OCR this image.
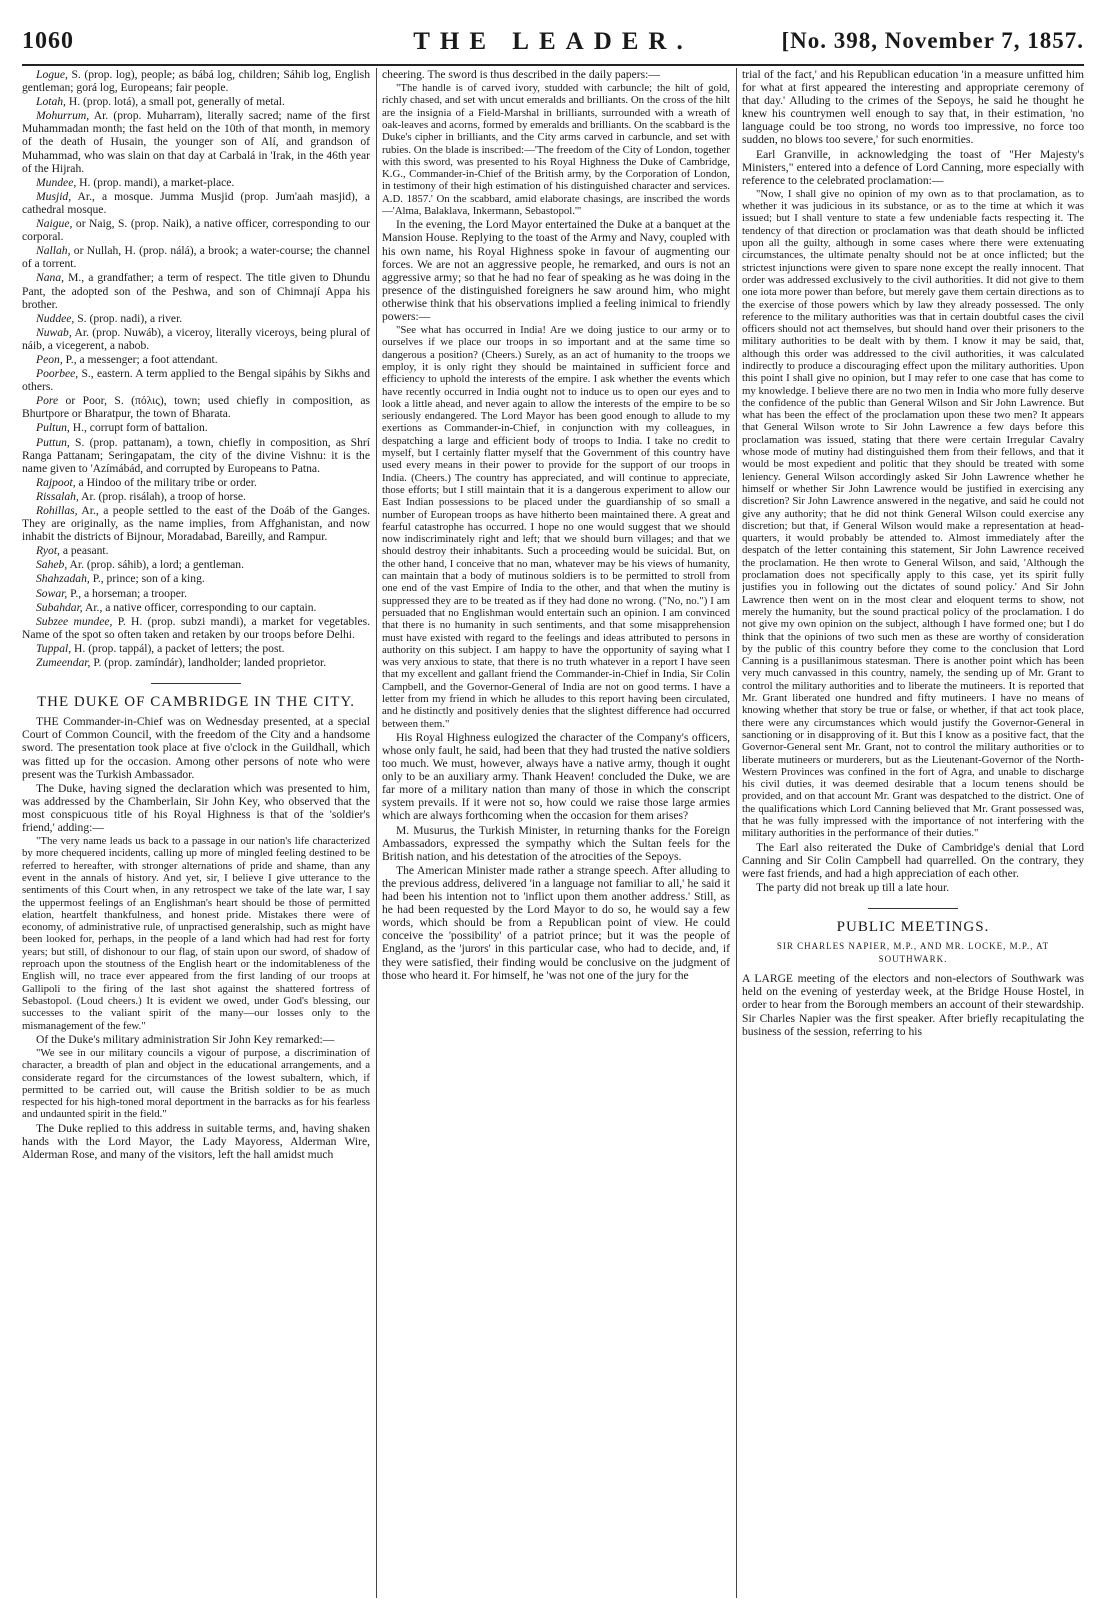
1060	THE LEADER.	[No. 398, November 7, 1857.

Logue, S. (prop. log), people; as bábá log, children; Sáhib log, English gentleman; gorá log, Europeans; fair people.

Lotah, H. (prop. lotá), a small pot, generally of metal.

Mohurrum, Ar. (prop. Muharram), literally sacred; name of the first Muhammadan month; the fast held on the 10th of that month, in memory of the death of Husain, the younger son of Alí, and grandson of Muhammad, who was slain on that day at Carbalá in 'Irak, in the 46th year of the Hijrah.

Mundee, H. (prop. mandi), a market-place.

Musjid, Ar., a mosque. Jumma Musjid (prop. Jum'aah masjid), a cathedral mosque.

Naigue, or Naig, S. (prop. Naik), a native officer, corresponding to our corporal.

Nallah, or Nullah, H. (prop. nálá), a brook; a water-course; the channel of a torrent.

Nana, M., a grandfather; a term of respect. The title given to Dhundu Pant, the adopted son of the Peshwa, and son of Chimnají Appa his brother.

Nuddee, S. (prop. nadi), a river.

Nuwab, Ar. (prop. Nuwáb), a viceroy, literally viceroys, being plural of náib, a vicegerent, a nabob.

Peon, P., a messenger; a foot attendant.

Poorbee, S., eastern. A term applied to the Bengal sipáhis by Sikhs and others.

Pore or Poor, S. (πόλις), town; used chiefly in composition, as Bhurtpore or Bharatpur, the town of Bharata.

Pultun, H., corrupt form of battalion.

Puttun, S. (prop. pattanam), a town, chiefly in composition, as Shrí Ranga Pattanam; Seringapatam, the city of the divine Vishnu: it is the name given to 'Azímábád, and corrupted by Europeans to Patna.

Rajpoot, a Hindoo of the military tribe or order.

Rissalah, Ar. (prop. risálah), a troop of horse.

Rohillas, Ar., a people settled to the east of the Doáb of the Ganges. They are originally, as the name implies, from Affghanistan, and now inhabit the districts of Bijnour, Moradabad, Bareilly, and Rampur.

Ryot, a peasant.

Saheb, Ar. (prop. sáhib), a lord; a gentleman.

Shahzadah, P., prince; son of a king.

Sowar, P., a horseman; a trooper.

Subahdar, Ar., a native officer, corresponding to our captain.

Subzee mundee, P. H. (prop. subzi mandi), a market for vegetables. Name of the spot so often taken and retaken by our troops before Delhi.

Tuppal, H. (prop. tappál), a packet of letters; the post.

Zumeendar, P. (prop. zamíndár), landholder; landed proprietor.

THE DUKE OF CAMBRIDGE IN THE CITY.

THE Commander-in-Chief was on Wednesday presented, at a special Court of Common Council, with the freedom of the City and a handsome sword. The presentation took place at five o'clock in the Guildhall, which was fitted up for the occasion. Among other persons of note who were present was the Turkish Ambassador.

The Duke, having signed the declaration which was presented to him, was addressed by the Chamberlain, Sir John Key, who observed that the most conspicuous title of his Royal Highness is that of the 'soldier's friend,' adding:—

"The very name leads us back to a passage in our nation's life characterized by more chequered incidents, calling up more of mingled feeling destined to be referred to hereafter, with stronger alternations of pride and shame, than any event in the annals of history. And yet, sir, I believe I give utterance to the sentiments of this Court when, in any retrospect we take of the late war, I say the uppermost feelings of an Englishman's heart should be those of permitted elation, heartfelt thankfulness, and honest pride. Mistakes there were of economy, of administrative rule, of unpractised generalship, such as might have been looked for, perhaps, in the people of a land which had had rest for forty years; but still, of dishonour to our flag, of stain upon our sword, of shadow of reproach upon the stoutness of the English heart or the indomitableness of the English will, no trace ever appeared from the first landing of our troops at Gallipoli to the firing of the last shot against the shattered fortress of Sebastopol. (Loud cheers.) It is evident we owed, under God's blessing, our successes to the valiant spirit of the many—our losses only to the mismanagement of the few."

Of the Duke's military administration Sir John Key remarked:—

"We see in our military councils a vigour of purpose, a discrimination of character, a breadth of plan and object in the educational arrangements, and a considerate regard for the circumstances of the lowest subaltern, which, if permitted to be carried out, will cause the British soldier to be as much respected for his high-toned moral deportment in the barracks as for his fearless and undaunted spirit in the field."

The Duke replied to this address in suitable terms, and, having shaken hands with the Lord Mayor, the Lady Mayoress, Alderman Wire, Alderman Rose, and many of the visitors, left the hall amidst much

cheering. The sword is thus described in the daily papers:—

"The handle is of carved ivory, studded with carbuncle; the hilt of gold, richly chased, and set with uncut emeralds and brilliants. On the cross of the hilt are the insignia of a Field-Marshal in brilliants, surrounded with a wreath of oak-leaves and acorns, formed by emeralds and brilliants. On the scabbard is the Duke's cipher in brilliants, and the City arms carved in carbuncle, and set with rubies. On the blade is inscribed:—'The freedom of the City of London, together with this sword, was presented to his Royal Highness the Duke of Cambridge, K.G., Commander-in-Chief of the British army, by the Corporation of London, in testimony of their high estimation of his distinguished character and services. A.D. 1857.' On the scabbard, amid elaborate chasings, are inscribed the words—'Alma, Balaklava, Inkermann, Sebastopol.'"

In the evening, the Lord Mayor entertained the Duke at a banquet at the Mansion House. Replying to the toast of the Army and Navy, coupled with his own name, his Royal Highness spoke in favour of augmenting our forces. We are not an aggressive people, he remarked, and ours is not an aggressive army; so that he had no fear of speaking as he was doing in the presence of the distinguished foreigners he saw around him, who might otherwise think that his observations implied a feeling inimical to friendly powers:—

"See what has occurred in India! Are we doing justice to our army or to ourselves if we place our troops in so important and at the same time so dangerous a position? (Cheers.) Surely, as an act of humanity to the troops we employ, it is only right they should be maintained in sufficient force and efficiency to uphold the interests of the empire. I ask whether the events which have recently occurred in India ought not to induce us to open our eyes and to look a little ahead, and never again to allow the interests of the empire to be so seriously endangered. The Lord Mayor has been good enough to allude to my exertions as Commander-in-Chief, in conjunction with my colleagues, in despatching a large and efficient body of troops to India. I take no credit to myself, but I certainly flatter myself that the Government of this country have used every means in their power to provide for the support of our troops in India. (Cheers.) The country has appreciated, and will continue to appreciate, those efforts; but I still maintain that it is a dangerous experiment to allow our East Indian possessions to be placed under the guardianship of so small a number of European troops as have hitherto been maintained there. A great and fearful catastrophe has occurred. I hope no one would suggest that we should now indiscriminately right and left; that we should burn villages; and that we should destroy their inhabitants. Such a proceeding would be suicidal. But, on the other hand, I conceive that no man, whatever may be his views of humanity, can maintain that a body of mutinous soldiers is to be permitted to stroll from one end of the vast Empire of India to the other, and that when the mutiny is suppressed they are to be treated as if they had done no wrong. ("No, no.") I am persuaded that no Englishman would entertain such an opinion. I am convinced that there is no humanity in such sentiments, and that some misapprehension must have existed with regard to the feelings and ideas attributed to persons in authority on this subject. I am happy to have the opportunity of saying what I was very anxious to state, that there is no truth whatever in a report I have seen that my excellent and gallant friend the Commander-in-Chief in India, Sir Colin Campbell, and the Governor-General of India are not on good terms. I have a letter from my friend in which he alludes to this report having been circulated, and he distinctly and positively denies that the slightest difference had occurred between them."

His Royal Highness eulogized the character of the Company's officers, whose only fault, he said, had been that they had trusted the native soldiers too much. We must, however, always have a native army, though it ought only to be an auxiliary army. Thank Heaven! concluded the Duke, we are far more of a military nation than many of those in which the conscript system prevails. If it were not so, how could we raise those large armies which are always forthcoming when the occasion for them arises?

M. Musurus, the Turkish Minister, in returning thanks for the Foreign Ambassadors, expressed the sympathy which the Sultan feels for the British nation, and his detestation of the atrocities of the Sepoys.

The American Minister made rather a strange speech. After alluding to the previous address, delivered 'in a language not familiar to all,' he said it had been his intention not to 'inflict upon them another address.' Still, as he had been requested by the Lord Mayor to do so, he would say a few words, which should be from a Republican point of view. He could conceive the 'possibility' of a patriot prince; but it was the people of England, as the 'jurors' in this particular case, who had to decide, and, if they were satisfied, their finding would be conclusive on the judgment of those who heard it. For himself, he 'was not one of the jury for the

trial of the fact,' and his Republican education 'in a measure unfitted him for what at first appeared the interesting and appropriate ceremony of that day.' Alluding to the crimes of the Sepoys, he said he thought he knew his countrymen well enough to say that, in their estimation, 'no language could be too strong, no words too impressive, no force too sudden, no blows too severe,' for such enormities.

Earl Granville, in acknowledging the toast of "Her Majesty's Ministers," entered into a defence of Lord Canning, more especially with reference to the celebrated proclamation:—

"Now, I shall give no opinion of my own as to that proclamation, as to whether it was judicious in its substance, or as to the time at which it was issued; but I shall venture to state a few undeniable facts respecting it. The tendency of that direction or proclamation was that death should be inflicted upon all the guilty, although in some cases where there were extenuating circumstances, the ultimate penalty should not be at once inflicted; but the strictest injunctions were given to spare none except the really innocent. That order was addressed exclusively to the civil authorities. It did not give to them one iota more power than before, but merely gave them certain directions as to the exercise of those powers which by law they already possessed. The only reference to the military authorities was that in certain doubtful cases the civil officers should not act themselves, but should hand over their prisoners to the military authorities to be dealt with by them. I know it may be said, that, although this order was addressed to the civil authorities, it was calculated indirectly to produce a discouraging effect upon the military authorities. Upon this point I shall give no opinion, but I may refer to one case that has come to my knowledge. I believe there are no two men in India who more fully deserve the confidence of the public than General Wilson and Sir John Lawrence. But what has been the effect of the proclamation upon these two men? It appears that General Wilson wrote to Sir John Lawrence a few days before this proclamation was issued, stating that there were certain Irregular Cavalry whose mode of mutiny had distinguished them from their fellows, and that it would be most expedient and politic that they should be treated with some leniency. General Wilson accordingly asked Sir John Lawrence whether he himself or whether Sir John Lawrence would be justified in exercising any discretion? Sir John Lawrence answered in the negative, and said he could not give any authority; that he did not think General Wilson could exercise any discretion; but that, if General Wilson would make a representation at head-quarters, it would probably be attended to. Almost immediately after the despatch of the letter containing this statement, Sir John Lawrence received the proclamation. He then wrote to General Wilson, and said, 'Although the proclamation does not specifically apply to this case, yet its spirit fully justifies you in following out the dictates of sound policy.' And Sir John Lawrence then went on in the most clear and eloquent terms to show, not merely the humanity, but the sound practical policy of the proclamation. I do not give my own opinion on the subject, although I have formed one; but I do think that the opinions of two such men as these are worthy of consideration by the public of this country before they come to the conclusion that Lord Canning is a pusillanimous statesman. There is another point which has been very much canvassed in this country, namely, the sending up of Mr. Grant to control the military authorities and to liberate the mutineers. It is reported that Mr. Grant liberated one hundred and fifty mutineers. I have no means of knowing whether that story be true or false, or whether, if that act took place, there were any circumstances which would justify the Governor-General in sanctioning or in disapproving of it. But this I know as a positive fact, that the Governor-General sent Mr. Grant, not to control the military authorities or to liberate mutineers or murderers, but as the Lieutenant-Governor of the North-Western Provinces was confined in the fort of Agra, and unable to discharge his civil duties, it was deemed desirable that a locum tenens should be provided, and on that account Mr. Grant was despatched to the district. One of the qualifications which Lord Canning believed that Mr. Grant possessed was, that he was fully impressed with the importance of not interfering with the military authorities in the performance of their duties."

The Earl also reiterated the Duke of Cambridge's denial that Lord Canning and Sir Colin Campbell had quarrelled. On the contrary, they were fast friends, and had a high appreciation of each other.

The party did not break up till a late hour.

PUBLIC MEETINGS.
SIR CHARLES NAPIER, M.P., AND MR. LOCKE, M.P., AT SOUTHWARK.

A LARGE meeting of the electors and non-electors of Southwark was held on the evening of yesterday week, at the Bridge House Hostel, in order to hear from the Borough members an account of their stewardship. Sir Charles Napier was the first speaker. After briefly recapitulating the business of the session, referring to his
